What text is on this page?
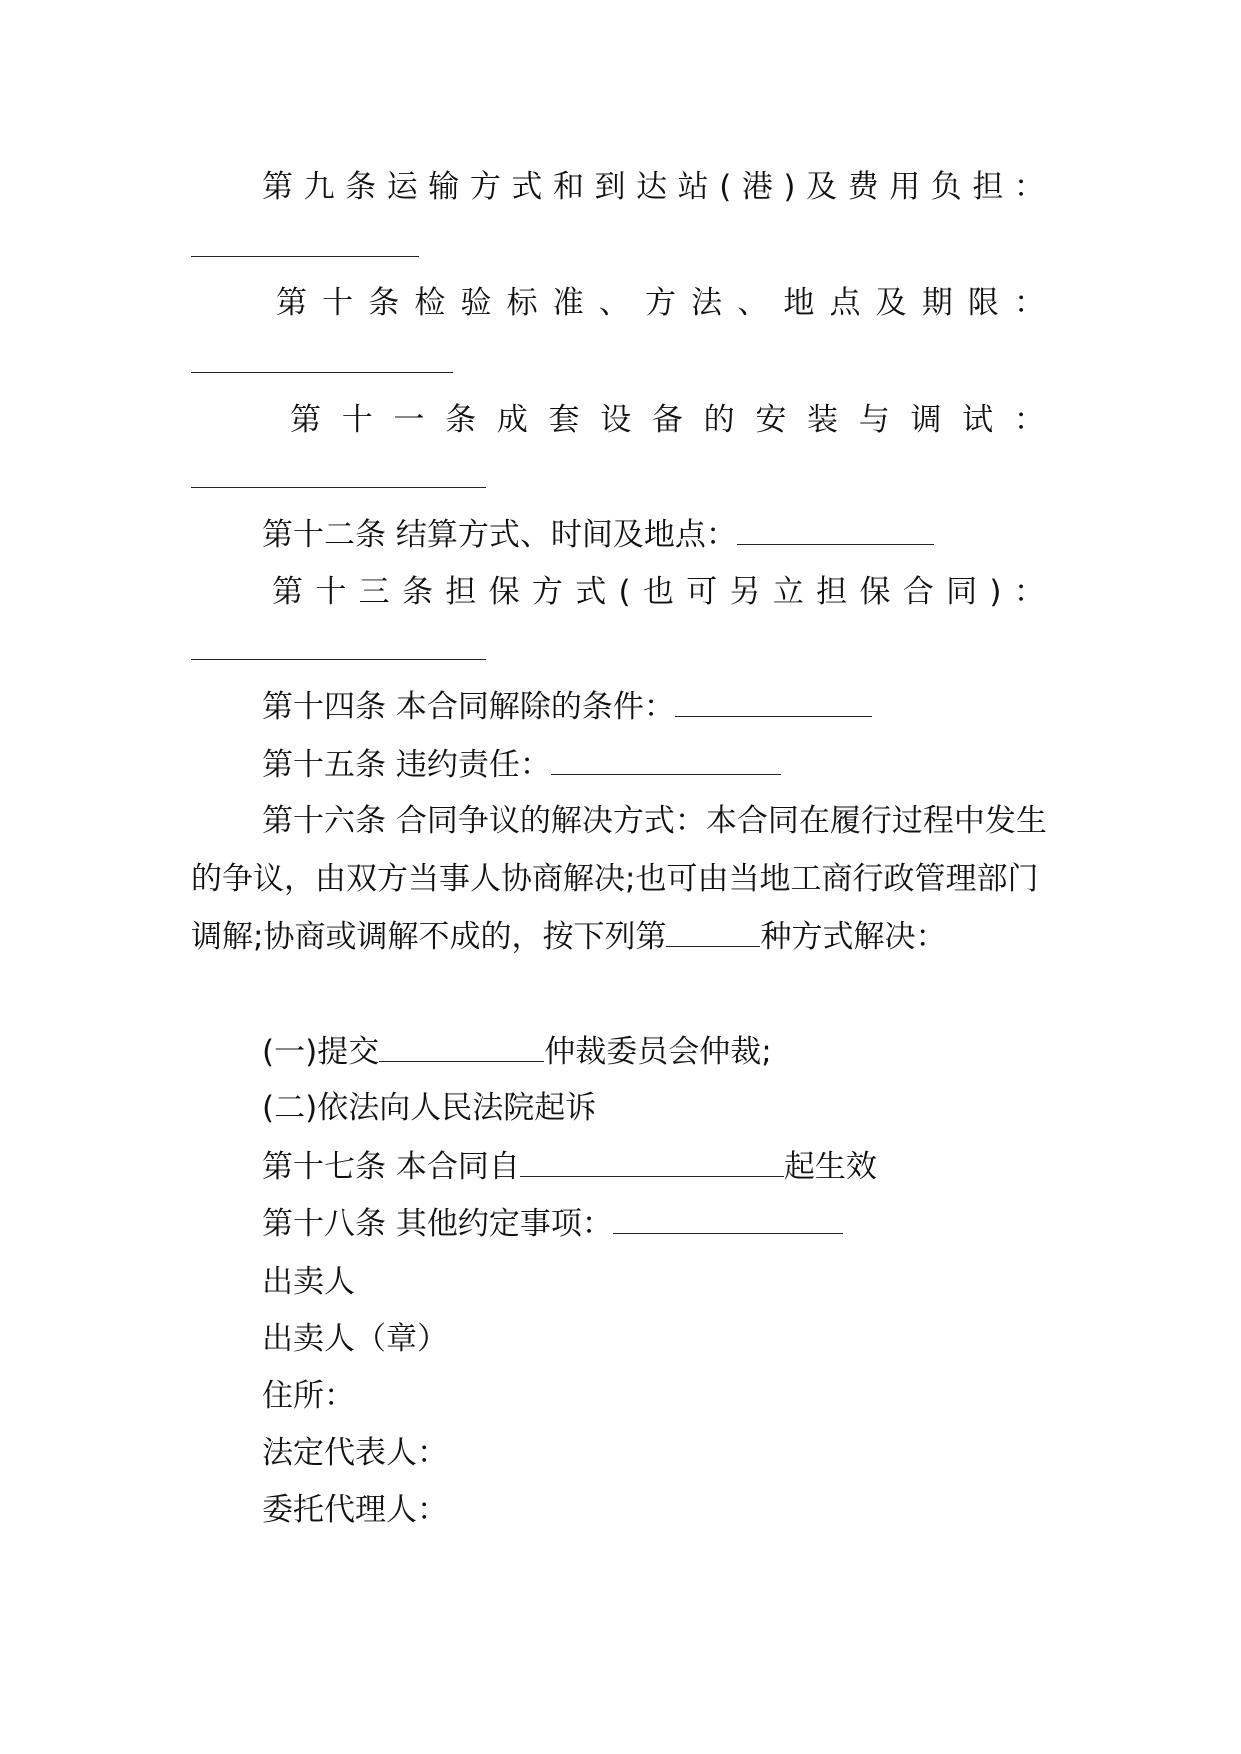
第 九 条 运 输 方 式 和 到 达 站 ( 港 ) 及 费 用 负 担 ：
第 十 条 检 验 标 准 、 方 法 、 地 点 及 期 限 ：
第 十 一 条 成 套 设 备 的 安 装 与 调 试 ：
第十二条 结算方式、时间及地点：
第 十 三 条 担 保 方 式 ( 也 可 另 立 担 保 合 同 ) ：
第十四条 本合同解除的条件：
第十五条 违约责任：
第十六条 合同争议的解决方式：本合同在履行过程中发生的争议，由双方当事人协商解决;也可由当地工商行政管理部门调解;协商或调解不成的，按下列第	种方式解决：
(一)提交	仲裁委员会仲裁;
(二)依法向人民法院起诉
第十七条 本合同自	起生效
第十八条 其他约定事项：
出卖人
出卖人（章）
住所：
法定代表人：
委托代理人：
